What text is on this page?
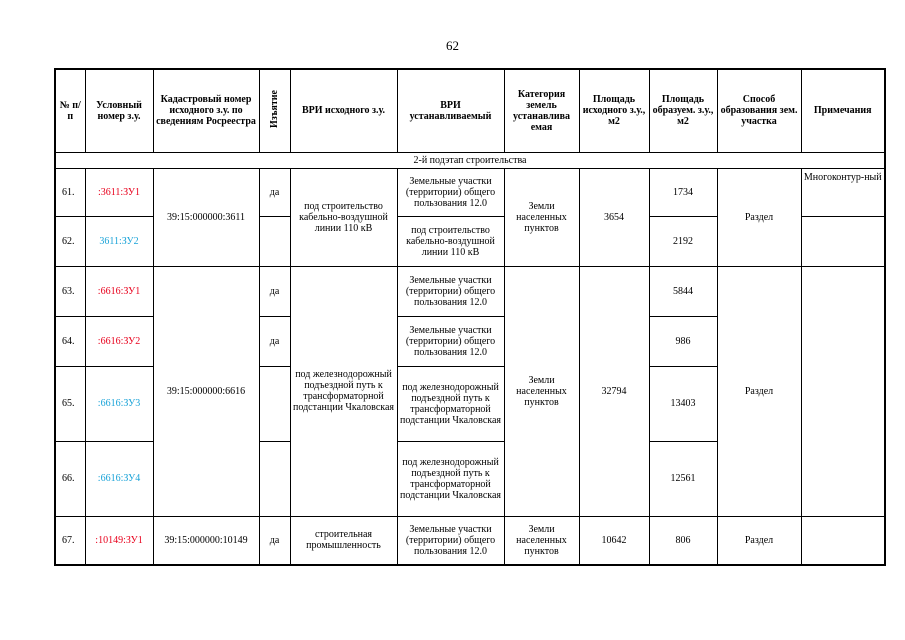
62
№ п/п	Условный номер з.у.	Кадастровый номер исходного з.у. по сведениям Росреестра	Изъятие	ВРИ исходного з.у.	ВРИ устанавливаемый	Категория земель устанавлива емая	Площадь исходного з.у., м2	Площадь образуем. з.у., м2	Способ образования зем. участка	Примечания
2-й подэтап строительства										
61.	:3611:ЗУ1	39:15:000000:3611	да	под строительство кабельно-воздушной линии 110 кВ	Земельные участки (территории) общего пользования 12.0	Земли населенных пунктов	3654	1734	Раздел	Многоконтур-ный
62.	3611:ЗУ2				под строительство кабельно-воздушной линии 110 кВ			2192		
63.	:6616:ЗУ1	39:15:000000:6616	да	под железнодорожный подъездной путь к трансформаторной подстанции Чкаловская	Земельные участки (территории) общего пользования 12.0	Земли населенных пунктов	32794	5844	Раздел	
64.	:6616:ЗУ2		да		Земельные участки (территории) общего пользования 12.0			986		
65.	:6616:ЗУ3				под железнодорожный подъездной путь к трансформаторной подстанции Чкаловская			13403		
66.	:6616:ЗУ4				под железнодорожный подъездной путь к трансформаторной подстанции Чкаловская			12561		
67.	:10149:ЗУ1	39:15:000000:10149	да	строительная промышленность	Земельные участки (территории) общего пользования 12.0	Земли населенных пунктов	10642	806	Раздел	
